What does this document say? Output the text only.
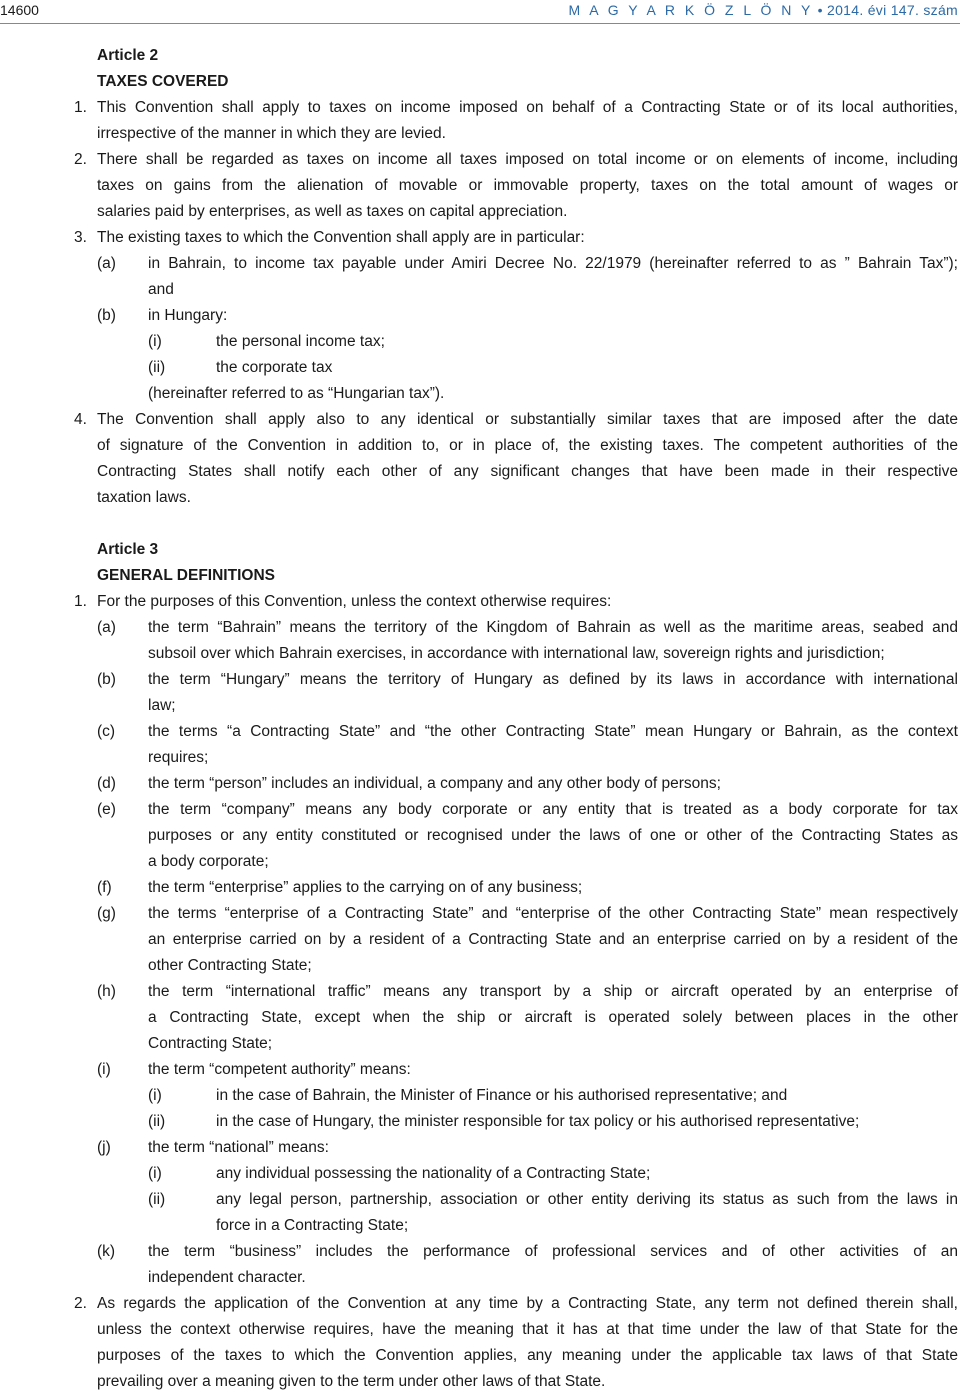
14600	M A G Y A R K Ö Z L Ö N Y • 2014. évi 147. szám
Article 2
TAXES COVERED
1. This Convention shall apply to taxes on income imposed on behalf of a Contracting State or of its local authorities,
irrespective of the manner in which they are levied.
2. There shall be regarded as taxes on income all taxes imposed on total income or on elements of income, including
taxes on gains from the alienation of movable or immovable property, taxes on the total amount of wages or
salaries paid by enterprises, as well as taxes on capital appreciation.
3. The existing taxes to which the Convention shall apply are in particular:
(a) in Bahrain, to income tax payable under Amiri Decree No. 22/1979 (hereinafter referred to as ” Bahrain Tax”);
and
(b) in Hungary:
(i)	the personal income tax;
(ii)	the corporate tax
(hereinafter referred to as “Hungarian tax”).
4. The Convention shall apply also to any identical or substantially similar taxes that are imposed after the date
of signature of the Convention in addition to, or in place of, the existing taxes. The competent authorities of the
Contracting States shall notify each other of any significant changes that have been made in their respective
taxation laws.
Article 3
GENERAL DEFINITIONS
1. For the purposes of this Convention, unless the context otherwise requires:
(a) the term “Bahrain” means the territory of the Kingdom of Bahrain as well as the maritime areas, seabed and
subsoil over which Bahrain exercises, in accordance with international law, sovereign rights and jurisdiction;
(b) the term “Hungary” means the territory of Hungary as defined by its laws in accordance with international
law;
(c) the terms “a Contracting State” and “the other Contracting State” mean Hungary or Bahrain, as the context
requires;
(d) the term “person” includes an individual, a company and any other body of persons;
(e) the term “company” means any body corporate or any entity that is treated as a body corporate for tax
purposes or any entity constituted or recognised under the laws of one or other of the Contracting States as
a body corporate;
(f) the term “enterprise” applies to the carrying on of any business;
(g) the terms “enterprise of a Contracting State” and “enterprise of the other Contracting State” mean respectively
an enterprise carried on by a resident of a Contracting State and an enterprise carried on by a resident of the
other Contracting State;
(h) the term “international traffic” means any transport by a ship or aircraft operated by an enterprise of
a Contracting State, except when the ship or aircraft is operated solely between places in the other
Contracting State;
(i) the term “competent authority” means:
(i)	in the case of Bahrain, the Minister of Finance or his authorised representative; and
(ii)	in the case of Hungary, the minister responsible for tax policy or his authorised representative;
(j) the term “national” means:
(i)	any individual possessing the nationality of a Contracting State;
(ii)	any legal person, partnership, association or other entity deriving its status as such from the laws in
force in a Contracting State;
(k) the term “business” includes the performance of professional services and of other activities of an
independent character.
2. As regards the application of the Convention at any time by a Contracting State, any term not defined therein shall,
unless the context otherwise requires, have the meaning that it has at that time under the law of that State for the
purposes of the taxes to which the Convention applies, any meaning under the applicable tax laws of that State
prevailing over a meaning given to the term under other laws of that State.
